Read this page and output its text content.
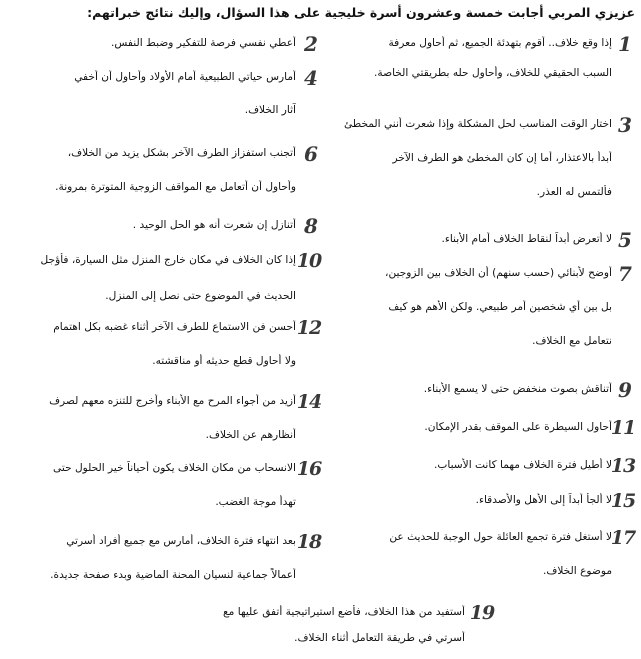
عزيزي المربي أجابت خمسة وعشرون أسرة خليجية على هذا السؤال، وإليك نتائج خبراتهم:
1
إذا وقع خلاف.. أقوم بتهدئة الجميع، ثم أحاول معرفة
السبب الحقيقي للخلاف، وأحاول حله بطريقتي الخاصة.
2
أعطي نفسي فرصة للتفكير وضبط النفس.
3
اختار الوقت المناسب لحل المشكلة وإذا شعرت أنني المخطئ
أبدأ بالاعتذار، أما إن كان المخطئ هو الطرف الآخر
فألتمس له العذر.
4
أمارس حياتي الطبيعية أمام الأولاد وأحاول أن أخفي
آثار الخلاف.
5
لا أتعرض أبداً لنقاط الخلاف أمام الأبناء.
6
أتجنب استفزاز الطرف الآخر بشكل يزيد من الخلاف،
وأحاول أن أتعامل مع المواقف الزوجية المتوترة بمرونة.
7
أوضح لأبنائي (حسب سنهم) أن الخلاف بين الزوجين،
بل بين أي شخصين أمر طبيعي. ولكن الأهم هو كيف
نتعامل مع الخلاف.
8
أتنازل إن شعرت أنه هو الحل الوحيد .
9
أتناقش بصوت منخفض حتى لا يسمع الأبناء.
10
إذا كان الخلاف في مكان خارج المنزل مثل السيارة، فأؤجل
الحديث في الموضوع حتى نصل إلى المنزل.
11
أحاول السيطرة على الموقف بقدر الإمكان.
12
أحسن فن الاستماع للطرف الآخر أثناء غضبه بكل اهتمام
ولا أحاول قطع حديثه أو مناقشته.
13
لا أطيل فترة الخلاف مهما كانت الأسباب.
14
أزيد من أجواء المرح مع الأبناء وأخرج للتنزه معهم لصرف
أنظارهم عن الخلاف.
15
لا ألجأ أبداً إلى الأهل والأصدقاء.
16
الانسحاب من مكان الخلاف يكون أحياناً خير الحلول حتى
تهدأ موجة الغضب.
17
لا أستغل فترة تجمع العائلة حول الوجبة للحديث عن
موضوع الخلاف.
18
بعد انتهاء فترة الخلاف، أمارس مع جميع أفراد أسرتي
أعمالاً جماعية لنسيان المحنة الماضية وبدء صفحة جديدة.
19
أستفيد من هذا الخلاف، فأضع استيراتيجية أتفق عليها مع
أسرتي في طريقة التعامل أثناء الخلاف.
